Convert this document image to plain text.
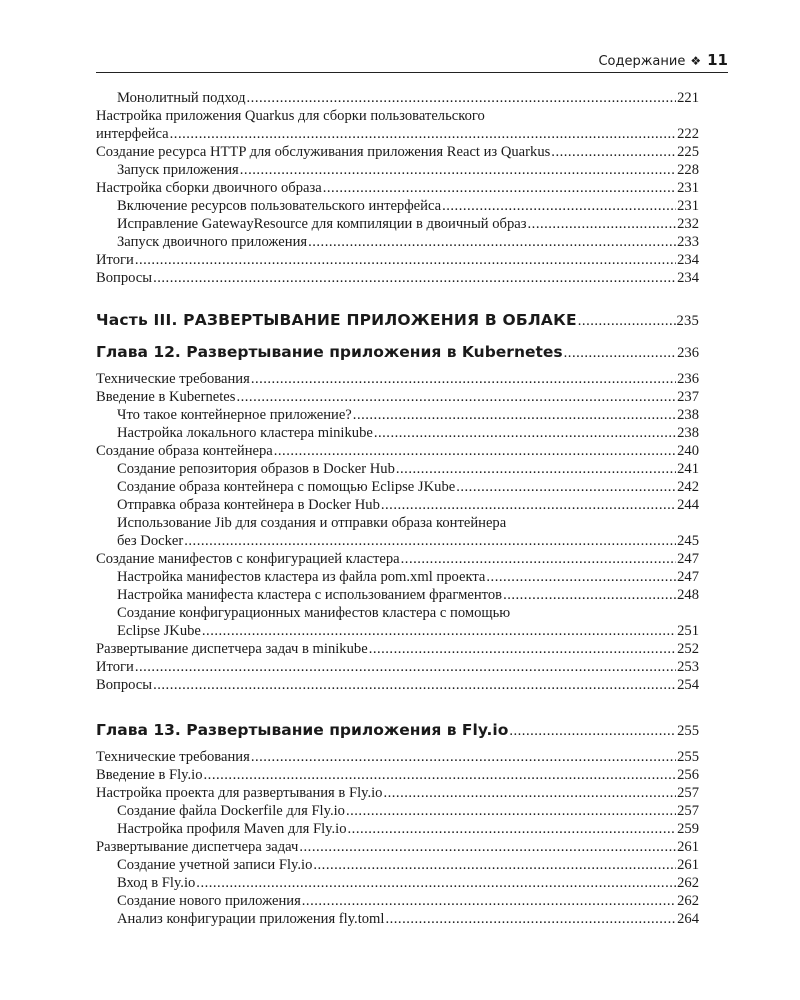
Содержание ❖ 11
Монолитный подход .....	221
Настройка приложения Quarkus для сборки пользовательского
интерфейса .....	222
Создание ресурса HTTP для обслуживания приложения React из Quarkus .....	225
Запуск приложения .....	228
Настройка сборки двоичного образа .....	231
Включение ресурсов пользовательского интерфейса .....	231
Исправление GatewayResource для компиляции в двоичный образ .....	232
Запуск двоичного приложения .....	233
Итоги .....	234
Вопросы .....	234
Часть III. РАЗВЕРТЫВАНИЕ ПРИЛОЖЕНИЯ В ОБЛАКЕ .....	235
Глава 12. Развертывание приложения в Kubernetes .....	236
Технические требования .....	236
Введение в Kubernetes .....	237
Что такое контейнерное приложение? .....	238
Настройка локального кластера minikube .....	238
Создание образа контейнера .....	240
Создание репозитория образов в Docker Hub .....	241
Создание образа контейнера с помощью Eclipse JKube .....	242
Отправка образа контейнера в Docker Hub .....	244
Использование Jib для создания и отправки образа контейнера
без Docker .....	245
Создание манифестов с конфигурацией кластера .....	247
Настройка манифестов кластера из файла pom.xml проекта .....	247
Настройка манифеста кластера с использованием фрагментов .....	248
Создание конфигурационных манифестов кластера с помощью
Eclipse JKube .....	251
Развертывание диспетчера задач в minikube .....	252
Итоги .....	253
Вопросы .....	254
Глава 13. Развертывание приложения в Fly.io .....	255
Технические требования .....	255
Введение в Fly.io .....	256
Настройка проекта для развертывания в Fly.io .....	257
Создание файла Dockerfile для Fly.io .....	257
Настройка профиля Maven для Fly.io .....	259
Развертывание диспетчера задач .....	261
Создание учетной записи Fly.io .....	261
Вход в Fly.io .....	262
Создание нового приложения .....	262
Анализ конфигурации приложения fly.toml .....	264
